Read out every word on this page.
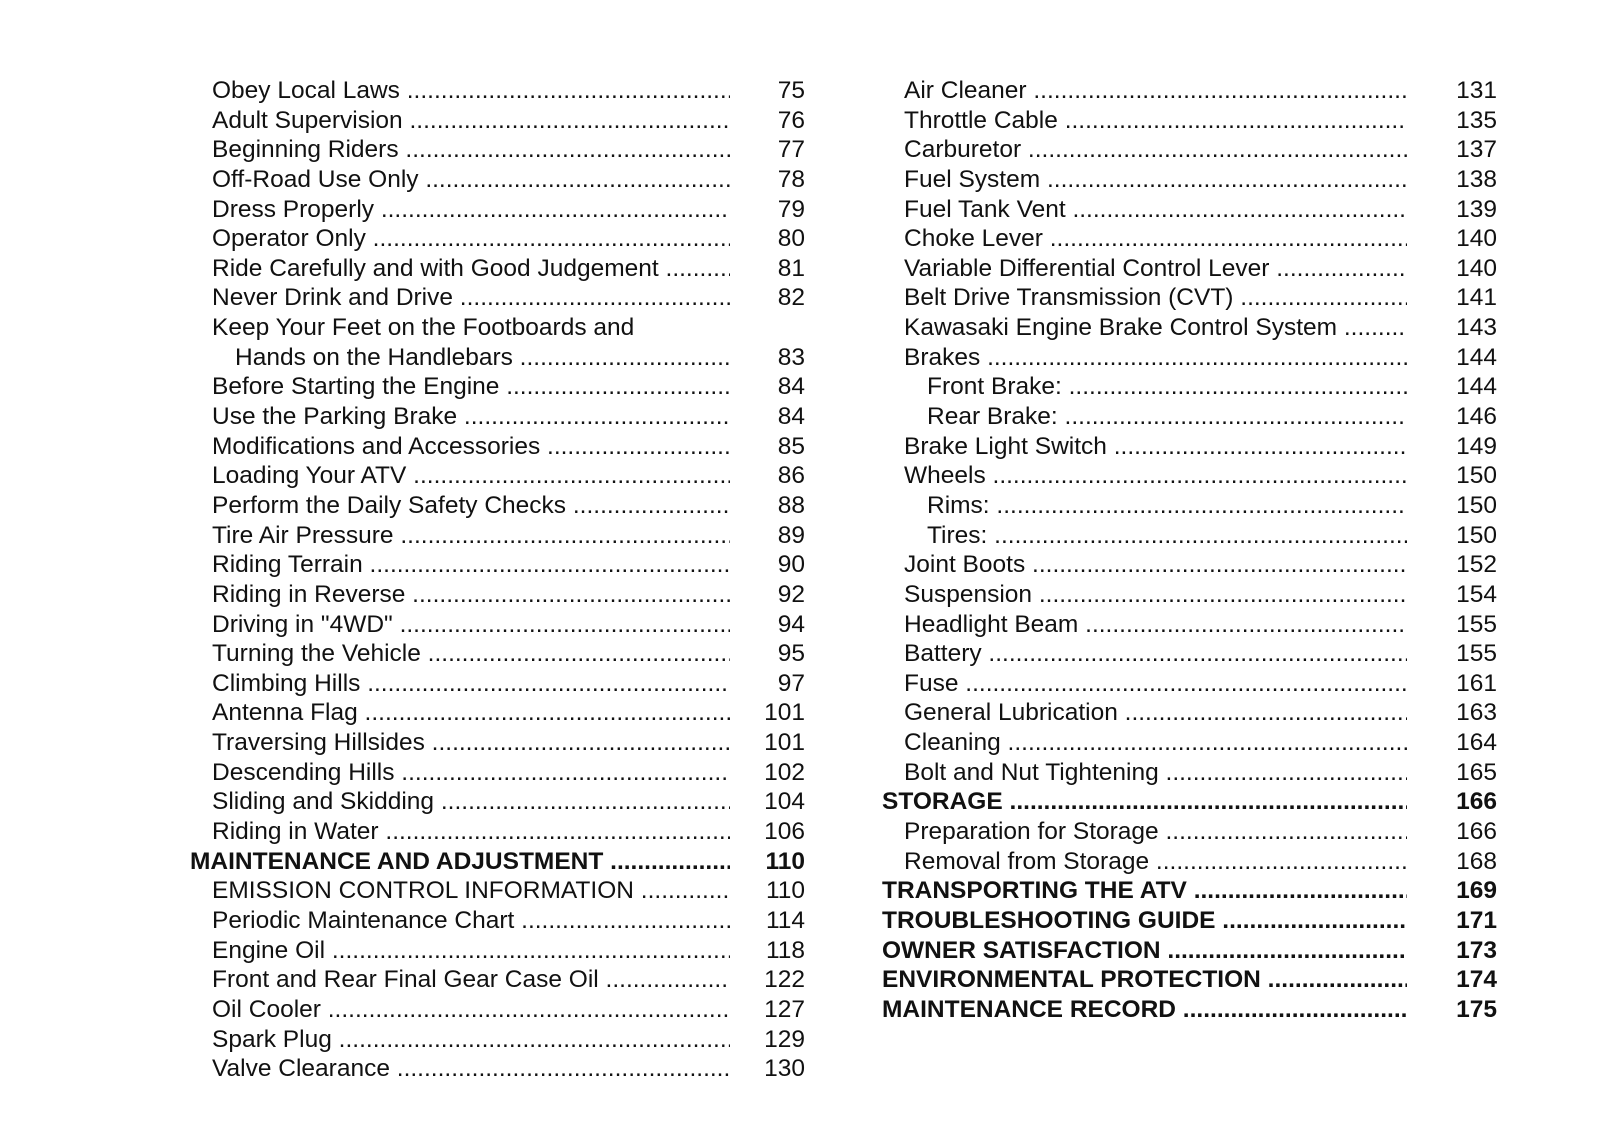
Obey Local Laws .....	75
Adult Supervision .....	76
Beginning Riders .....	77
Off-Road Use Only .....	78
Dress Properly .....	79
Operator Only .....	80
Ride Carefully and with Good Judgement .....	81
Never Drink and Drive .....	82
Keep Your Feet on the Footboards and
Hands on the Handlebars .....	83
Before Starting the Engine .....	84
Use the Parking Brake .....	84
Modifications and Accessories .....	85
Loading Your ATV .....	86
Perform the Daily Safety Checks .....	88
Tire Air Pressure .....	89
Riding Terrain .....	90
Riding in Reverse .....	92
Driving in "4WD" .....	94
Turning the Vehicle .....	95
Climbing Hills .....	97
Antenna Flag .....	101
Traversing Hillsides .....	101
Descending Hills .....	102
Sliding and Skidding .....	104
Riding in Water .....	106
MAINTENANCE AND ADJUSTMENT .....	110
EMISSION CONTROL INFORMATION .....	110
Periodic Maintenance Chart .....	114
Engine Oil .....	118
Front and Rear Final Gear Case Oil .....	122
Oil Cooler .....	127
Spark Plug .....	129
Valve Clearance .....	130
Air Cleaner .....	131
Throttle Cable .....	135
Carburetor .....	137
Fuel System .....	138
Fuel Tank Vent .....	139
Choke Lever .....	140
Variable Differential Control Lever .....	140
Belt Drive Transmission (CVT) .....	141
Kawasaki Engine Brake Control System .....	143
Brakes .....	144
Front Brake: .....	144
Rear Brake: .....	146
Brake Light Switch .....	149
Wheels .....	150
Rims: .....	150
Tires: .....	150
Joint Boots .....	152
Suspension .....	154
Headlight Beam .....	155
Battery .....	155
Fuse .....	161
General Lubrication .....	163
Cleaning .....	164
Bolt and Nut Tightening .....	165
STORAGE .....	166
Preparation for Storage .....	166
Removal from Storage .....	168
TRANSPORTING THE ATV .....	169
TROUBLESHOOTING GUIDE .....	171
OWNER SATISFACTION .....	173
ENVIRONMENTAL PROTECTION .....	174
MAINTENANCE RECORD .....	175
